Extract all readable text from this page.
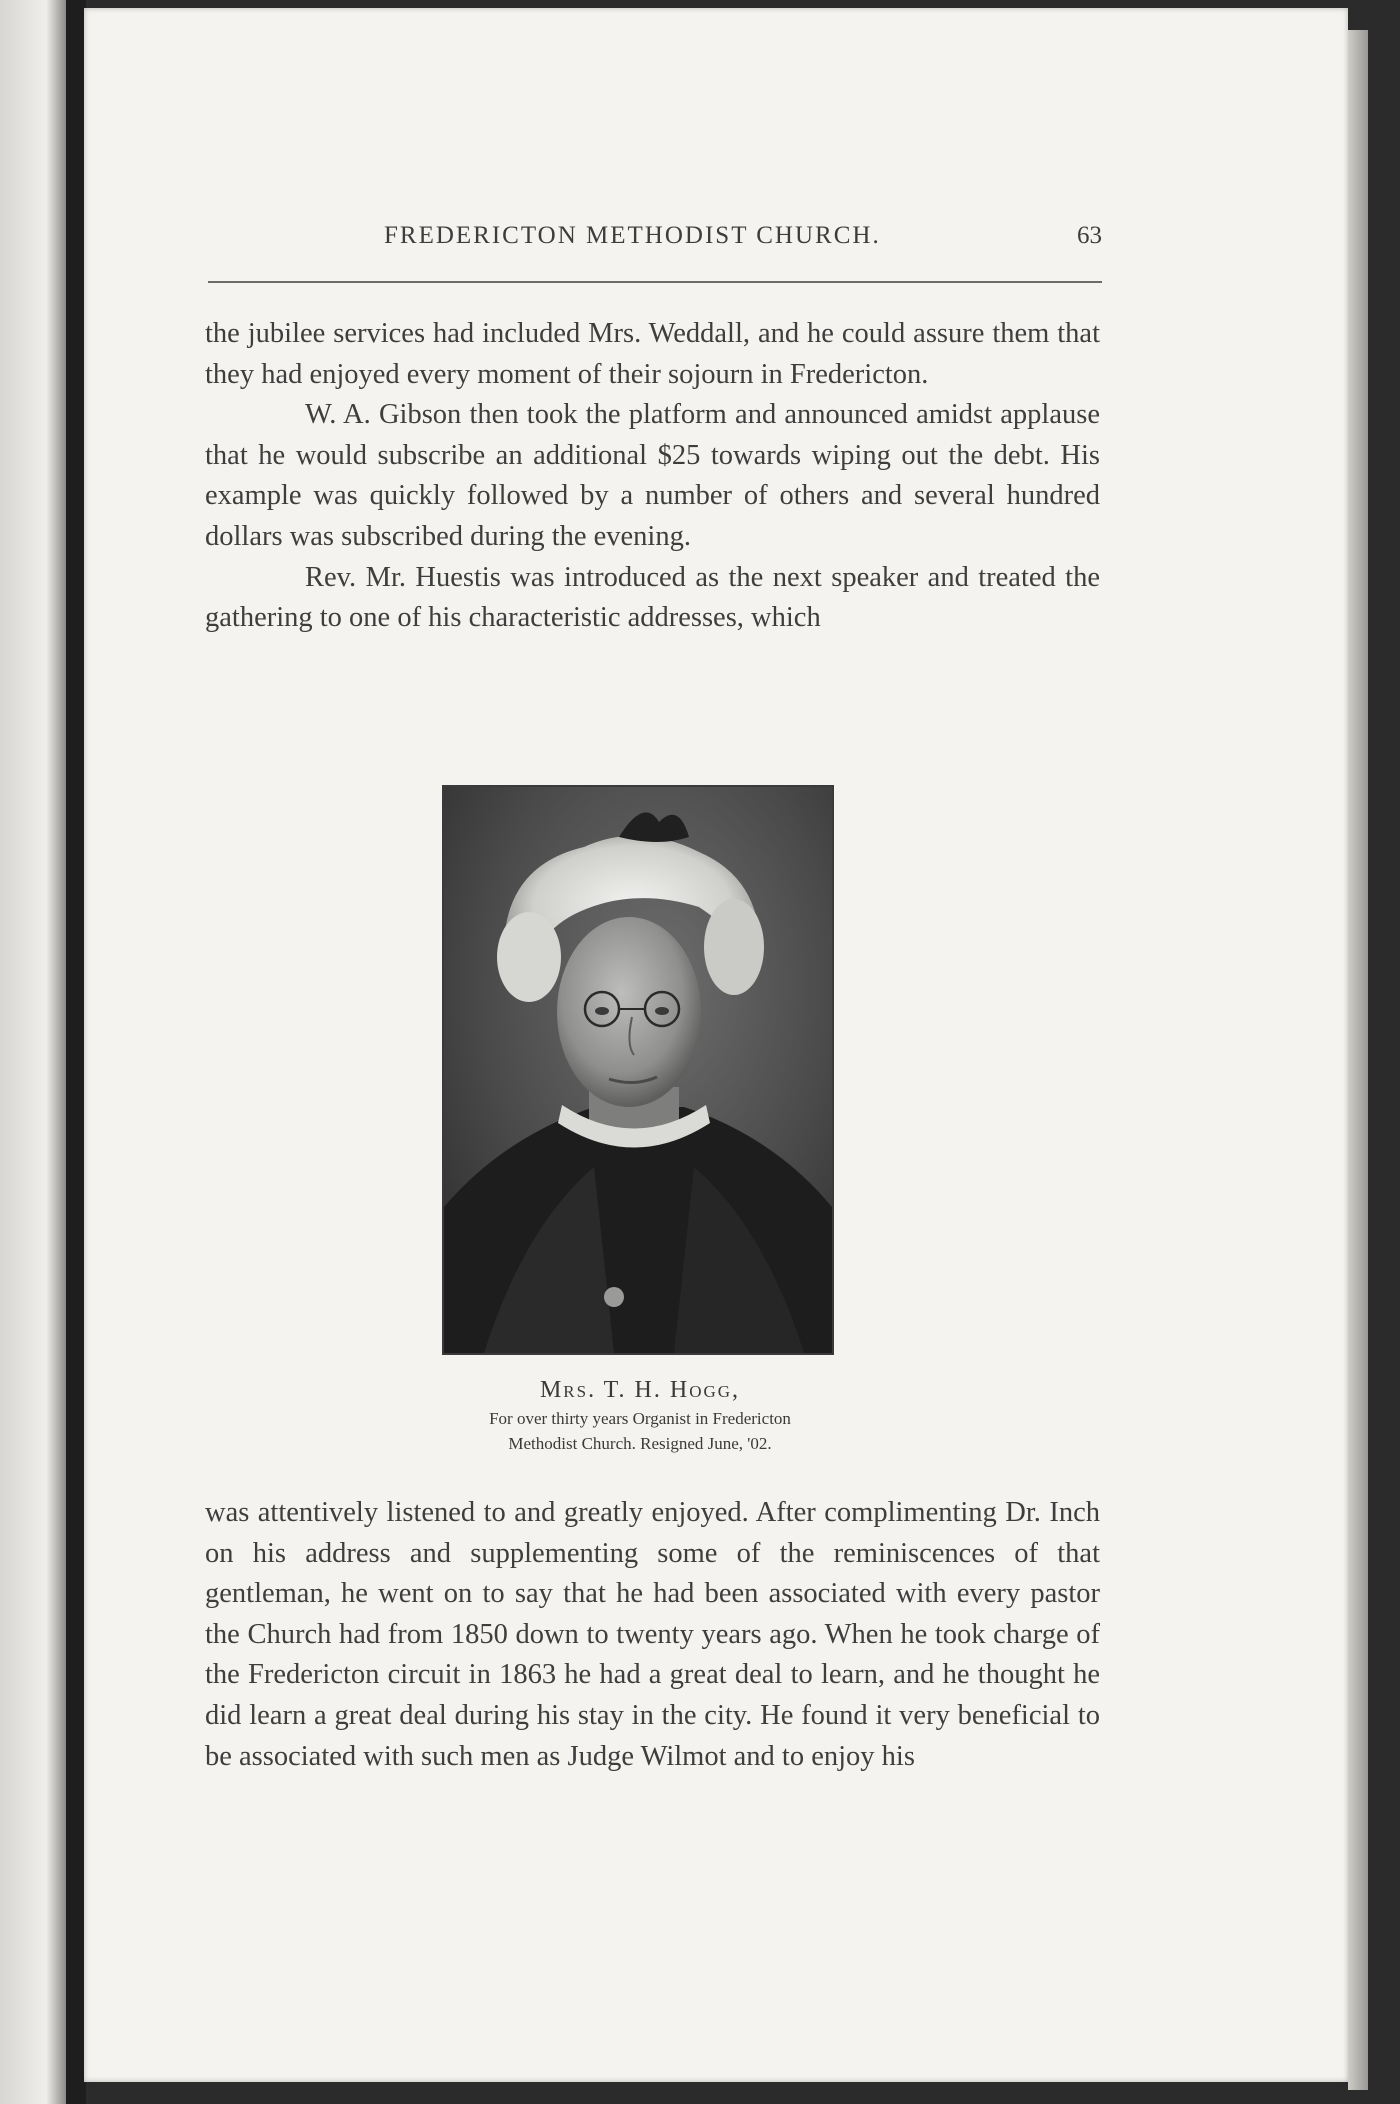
FREDERICTON METHODIST CHURCH.	63

the jubilee services had included Mrs. Weddall, and he could assure them that they had enjoyed every moment of their sojourn in Fredericton.

W. A. Gibson then took the platform and announced amidst applause that he would subscribe an additional $25 towards wiping out the debt. His example was quickly followed by a number of others and several hundred dollars was subscribed during the evening.

Rev. Mr. Huestis was introduced as the next speaker and treated the gathering to one of his characteristic addresses, which

Mrs. T. H. Hogg,
For over thirty years Organist in Fredericton
Methodist Church. Resigned June, '02.

was attentively listened to and greatly enjoyed. After complimenting Dr. Inch on his address and supplementing some of the reminiscences of that gentleman, he went on to say that he had been associated with every pastor the Church had from 1850 down to twenty years ago. When he took charge of the Fredericton circuit in 1863 he had a great deal to learn, and he thought he did learn a great deal during his stay in the city. He found it very beneficial to be associated with such men as Judge Wilmot and to enjoy his
